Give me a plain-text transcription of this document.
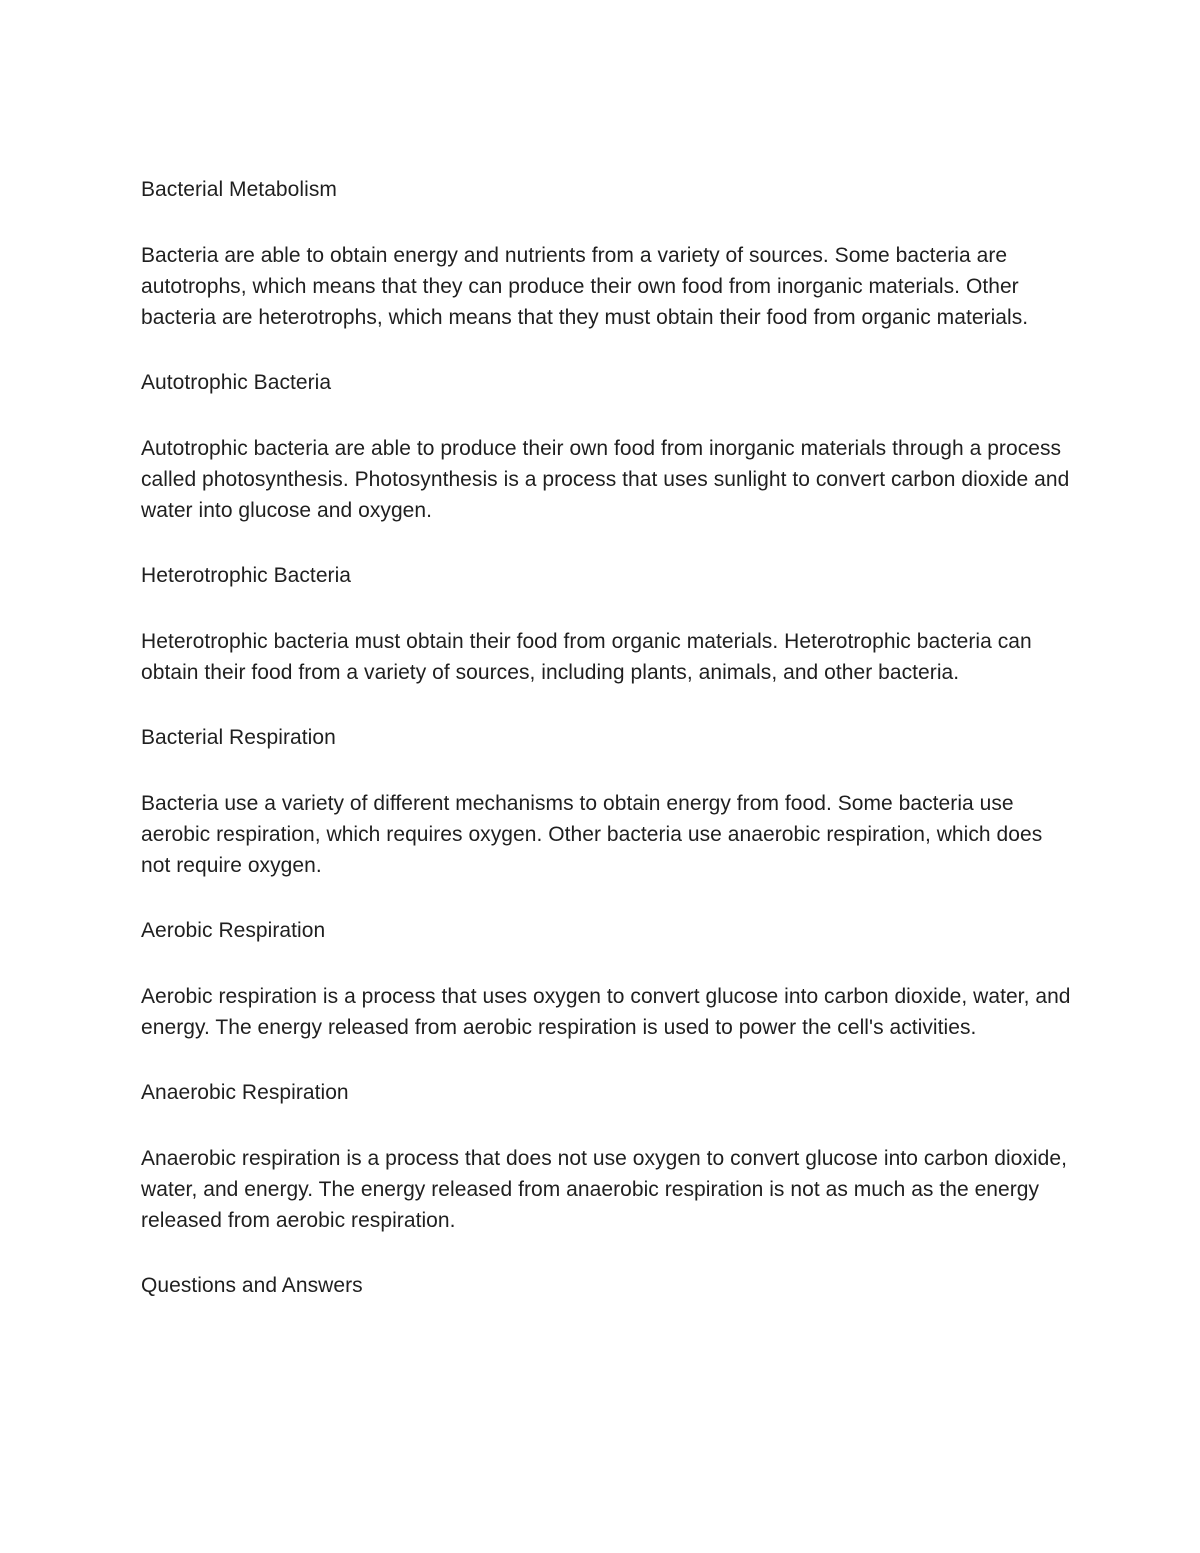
Bacterial Metabolism

Bacteria are able to obtain energy and nutrients from a variety of sources. Some bacteria are autotrophs, which means that they can produce their own food from inorganic materials. Other bacteria are heterotrophs, which means that they must obtain their food from organic materials.

Autotrophic Bacteria

Autotrophic bacteria are able to produce their own food from inorganic materials through a process called photosynthesis. Photosynthesis is a process that uses sunlight to convert carbon dioxide and water into glucose and oxygen.

Heterotrophic Bacteria

Heterotrophic bacteria must obtain their food from organic materials. Heterotrophic bacteria can obtain their food from a variety of sources, including plants, animals, and other bacteria.

Bacterial Respiration

Bacteria use a variety of different mechanisms to obtain energy from food. Some bacteria use aerobic respiration, which requires oxygen. Other bacteria use anaerobic respiration, which does not require oxygen.

Aerobic Respiration

Aerobic respiration is a process that uses oxygen to convert glucose into carbon dioxide, water, and energy. The energy released from aerobic respiration is used to power the cell's activities.

Anaerobic Respiration

Anaerobic respiration is a process that does not use oxygen to convert glucose into carbon dioxide, water, and energy. The energy released from anaerobic respiration is not as much as the energy released from aerobic respiration.

Questions and Answers
